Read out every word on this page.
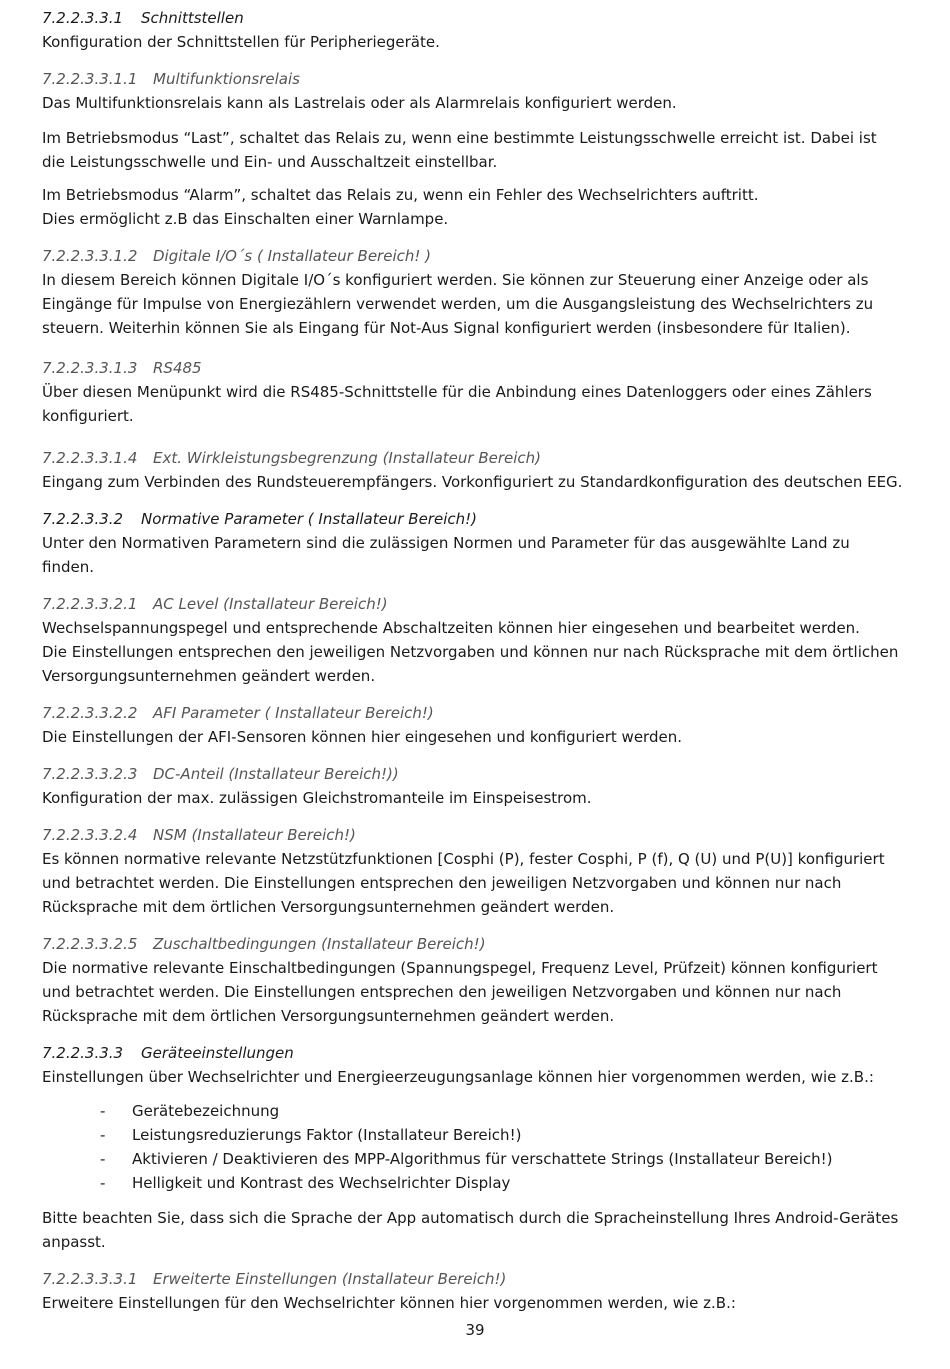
7.2.2.3.3.1 Schnittstellen
Konfiguration der Schnittstellen für Peripheriegeräte.
7.2.2.3.3.1.1 Multifunktionsrelais
Das Multifunktionsrelais kann als Lastrelais oder als Alarmrelais konfiguriert werden.
Im Betriebsmodus “Last”, schaltet das Relais zu, wenn eine bestimmte Leistungsschwelle erreicht ist. Dabei ist
die Leistungsschwelle und Ein- und Ausschaltzeit einstellbar.
Im Betriebsmodus “Alarm”, schaltet das Relais zu, wenn ein Fehler des Wechselrichters auftritt.
Dies ermöglicht z.B das Einschalten einer Warnlampe.
7.2.2.3.3.1.2 Digitale I/O´s ( Installateur Bereich! )
In diesem Bereich können Digitale I/O´s konfiguriert werden. Sie können zur Steuerung einer Anzeige oder als
Eingänge für Impulse von Energiezählern verwendet werden, um die Ausgangsleistung des Wechselrichters zu
steuern. Weiterhin können Sie als Eingang für Not-Aus Signal konfiguriert werden (insbesondere für Italien).
7.2.2.3.3.1.3 RS485
Über diesen Menüpunkt wird die RS485-Schnittstelle für die Anbindung eines Datenloggers oder eines Zählers
konfiguriert.
7.2.2.3.3.1.4 Ext. Wirkleistungsbegrenzung (Installateur Bereich)
Eingang zum Verbinden des Rundsteuerempfängers. Vorkonfiguriert zu Standardkonfiguration des deutschen EEG.
7.2.2.3.3.2 Normative Parameter ( Installateur Bereich!)
Unter den Normativen Parametern sind die zulässigen Normen und Parameter für das ausgewählte Land zu
finden.
7.2.2.3.3.2.1 AC Level (Installateur Bereich!)
Wechselspannungspegel und entsprechende Abschaltzeiten können hier eingesehen und bearbeitet werden.
Die Einstellungen entsprechen den jeweiligen Netzvorgaben und können nur nach Rücksprache mit dem örtlichen
Versorgungsunternehmen geändert werden.
7.2.2.3.3.2.2 AFI Parameter ( Installateur Bereich!)
Die Einstellungen der AFI-Sensoren können hier eingesehen und konfiguriert werden.
7.2.2.3.3.2.3 DC-Anteil (Installateur Bereich!))
Konfiguration der max. zulässigen Gleichstromanteile im Einspeisestrom.
7.2.2.3.3.2.4 NSM (Installateur Bereich!)
Es können normative relevante Netzstützfunktionen [Cosphi (P), fester Cosphi, P (f), Q (U) und P(U)] konfiguriert
und betrachtet werden. Die Einstellungen entsprechen den jeweiligen Netzvorgaben und können nur nach
Rücksprache mit dem örtlichen Versorgungsunternehmen geändert werden.
7.2.2.3.3.2.5 Zuschaltbedingungen (Installateur Bereich!)
Die normative relevante Einschaltbedingungen (Spannungspegel, Frequenz Level, Prüfzeit) können konfiguriert
und betrachtet werden. Die Einstellungen entsprechen den jeweiligen Netzvorgaben und können nur nach
Rücksprache mit dem örtlichen Versorgungsunternehmen geändert werden.
7.2.2.3.3.3 Geräteeinstellungen
Einstellungen über Wechselrichter und Energieerzeugungsanlage können hier vorgenommen werden, wie z.B.:
- Gerätebezeichnung
- Leistungsreduzierungs Faktor (Installateur Bereich!)
- Aktivieren / Deaktivieren des MPP-Algorithmus für verschattete Strings (Installateur Bereich!)
- Helligkeit und Kontrast des Wechselrichter Display
Bitte beachten Sie, dass sich die Sprache der App automatisch durch die Spracheinstellung Ihres Android-Gerätes
anpasst.
7.2.2.3.3.3.1 Erweiterte Einstellungen (Installateur Bereich!)
Erweitere Einstellungen für den Wechselrichter können hier vorgenommen werden, wie z.B.:
39
